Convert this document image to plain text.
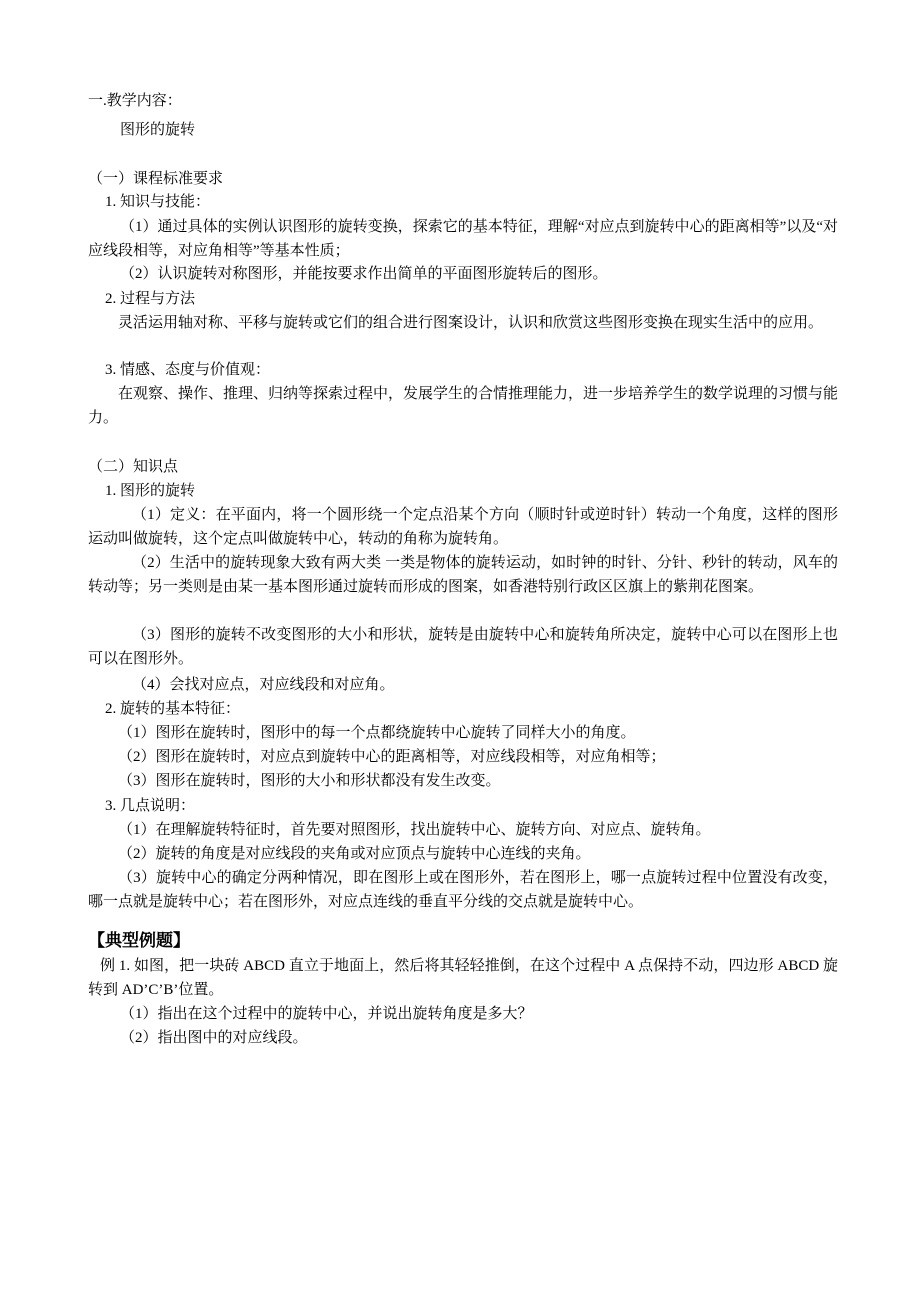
一.教学内容：

图形的旋转

（一）课程标准要求

1. 知识与技能：

（1）通过具体的实例认识图形的旋转变换，探索它的基本特征，理解“对应点到旋转中心的距离相等”以及“对应线段相等，对应角相等”等基本性质；

（2）认识旋转对称图形，并能按要求作出简单的平面图形旋转后的图形。

2. 过程与方法

灵活运用轴对称、平移与旋转或它们的组合进行图案设计，认识和欣赏这些图形变换在现实生活中的应用。

3. 情感、态度与价值观：

在观察、操作、推理、归纳等探索过程中，发展学生的合情推理能力，进一步培养学生的数学说理的习惯与能力。

（二）知识点

1. 图形的旋转

（1）定义：在平面内，将一个圆形绕一个定点沿某个方向（顺时针或逆时针）转动一个角度，这样的图形运动叫做旋转，这个定点叫做旋转中心，转动的角称为旋转角。

（2）生活中的旋转现象大致有两大类 一类是物体的旋转运动，如时钟的时针、分针、秒针的转动，风车的转动等；另一类则是由某一基本图形通过旋转而形成的图案，如香港特别行政区区旗上的紫荆花图案。

（3）图形的旋转不改变图形的大小和形状，旋转是由旋转中心和旋转角所决定，旋转中心可以在图形上也可以在图形外。

（4）会找对应点，对应线段和对应角。

2. 旋转的基本特征：

（1）图形在旋转时，图形中的每一个点都绕旋转中心旋转了同样大小的角度。

（2）图形在旋转时，对应点到旋转中心的距离相等，对应线段相等，对应角相等；

（3）图形在旋转时，图形的大小和形状都没有发生改变。

3. 几点说明：

（1）在理解旋转特征时，首先要对照图形，找出旋转中心、旋转方向、对应点、旋转角。

（2）旋转的角度是对应线段的夹角或对应顶点与旋转中心连线的夹角。

（3）旋转中心的确定分两种情况，即在图形上或在图形外，若在图形上，哪一点旋转过程中位置没有改变，哪一点就是旋转中心；若在图形外，对应点连线的垂直平分线的交点就是旋转中心。

【典型例题】

例 1. 如图，把一块砖 ABCD 直立于地面上，然后将其轻轻推倒，在这个过程中 A 点保持不动，四边形 ABCD 旋转到 AD’C’B’位置。

（1）指出在这个过程中的旋转中心，并说出旋转角度是多大？

（2）指出图中的对应线段。
